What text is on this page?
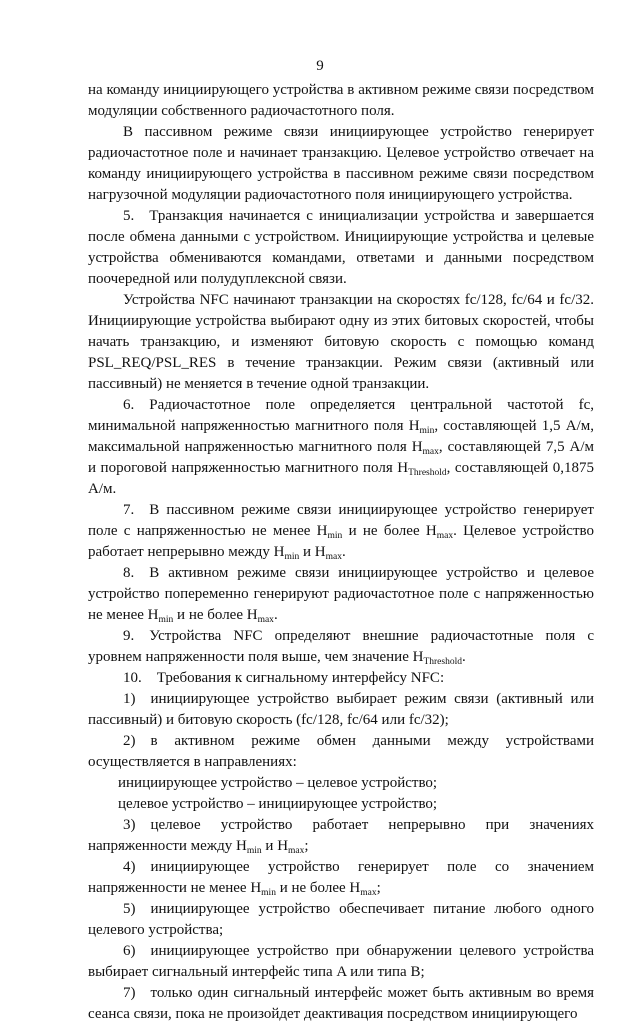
9

на команду инициирующего устройства в активном режиме связи посредством модуляции собственного радиочастотного поля.

В пассивном режиме связи инициирующее устройство генерирует радиочастотное поле и начинает транзакцию. Целевое устройство отвечает на команду инициирующего устройства в пассивном режиме связи посредством нагрузочной модуляции радиочастотного поля инициирующего устройства.

5. Транзакция начинается с инициализации устройства и завершается после обмена данными с устройством. Инициирующие устройства и целевые устройства обмениваются командами, ответами и данными посредством поочередной или полудуплексной связи.

Устройства NFC начинают транзакции на скоростях fc/128, fc/64 и fc/32. Инициирующие устройства выбирают одну из этих битовых скоростей, чтобы начать транзакцию, и изменяют битовую скорость с помощью команд PSL_REQ/PSL_RES в течение транзакции. Режим связи (активный или пассивный) не меняется в течение одной транзакции.

6. Радиочастотное поле определяется центральной частотой fc, минимальной напряженностью магнитного поля $H_{min}$, составляющей 1,5 А/м, максимальной напряженностью магнитного поля $H_{max}$, составляющей 7,5 А/м и пороговой напряженностью магнитного поля $H_{Threshold}$, составляющей 0,1875 А/м.

7. В пассивном режиме связи инициирующее устройство генерирует поле с напряженностью не менее $H_{min}$ и не более $H_{max}$. Целевое устройство работает непрерывно между $H_{min}$ и $H_{max}$.

8. В активном режиме связи инициирующее устройство и целевое устройство попеременно генерируют радиочастотное поле с напряженностью не менее $H_{min}$ и не более $H_{max}$.

9. Устройства NFC определяют внешние радиочастотные поля с уровнем напряженности поля выше, чем значение $H_{Threshold}$.

10. Требования к сигнальному интерфейсу NFC:

1) инициирующее устройство выбирает режим связи (активный или пассивный) и битовую скорость (fc/128, fc/64 или fc/32);

2) в активном режиме обмен данными между устройствами осуществляется в направлениях:

инициирующее устройство – целевое устройство;

целевое устройство – инициирующее устройство;

3) целевое устройство работает непрерывно при значениях напряженности между $H_{min}$ и $H_{max}$;

4) инициирующее устройство генерирует поле со значением напряженности не менее $H_{min}$ и не более $H_{max}$;

5) инициирующее устройство обеспечивает питание любого одного целевого устройства;

6) инициирующее устройство при обнаружении целевого устройства выбирает сигнальный интерфейс типа A или типа B;

7) только один сигнальный интерфейс может быть активным во время сеанса связи, пока не произойдет деактивация посредством инициирующего
